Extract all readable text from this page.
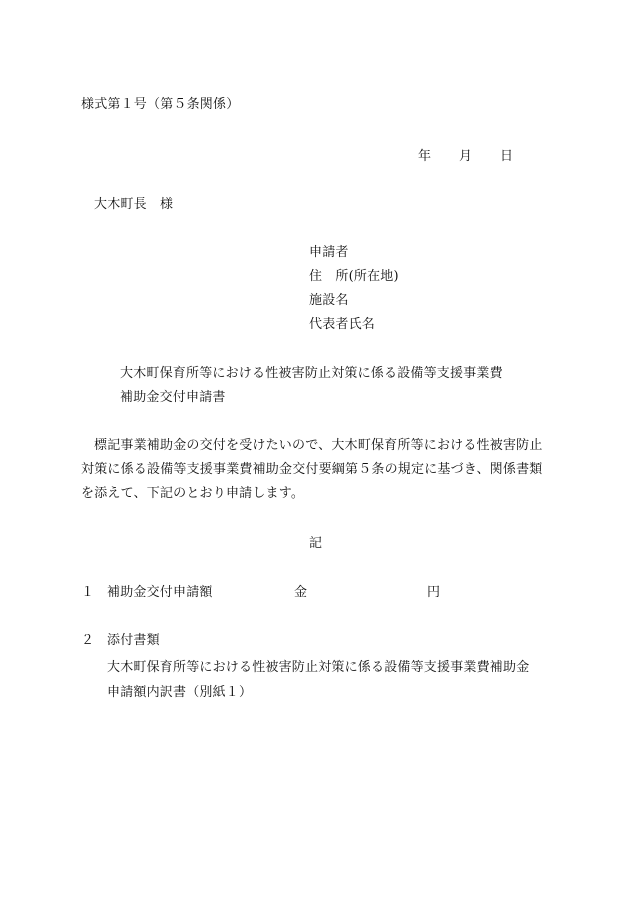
様式第１号（第５条関係）
年 月 日
大木町長　様
申請者
住　所(所在地)
施設名
代表者氏名
大木町保育所等における性被害防止対策に係る設備等支援事業費
補助金交付申請書
標記事業補助金の交付を受けたいので、大木町保育所等における性被害防止
対策に係る設備等支援事業費補助金交付要綱第５条の規定に基づき、関係書類
を添えて、下記のとおり申請します。
記
１ 補助金交付申請額	金	円
２ 添付書類
大木町保育所等における性被害防止対策に係る設備等支援事業費補助金
申請額内訳書（別紙１）
